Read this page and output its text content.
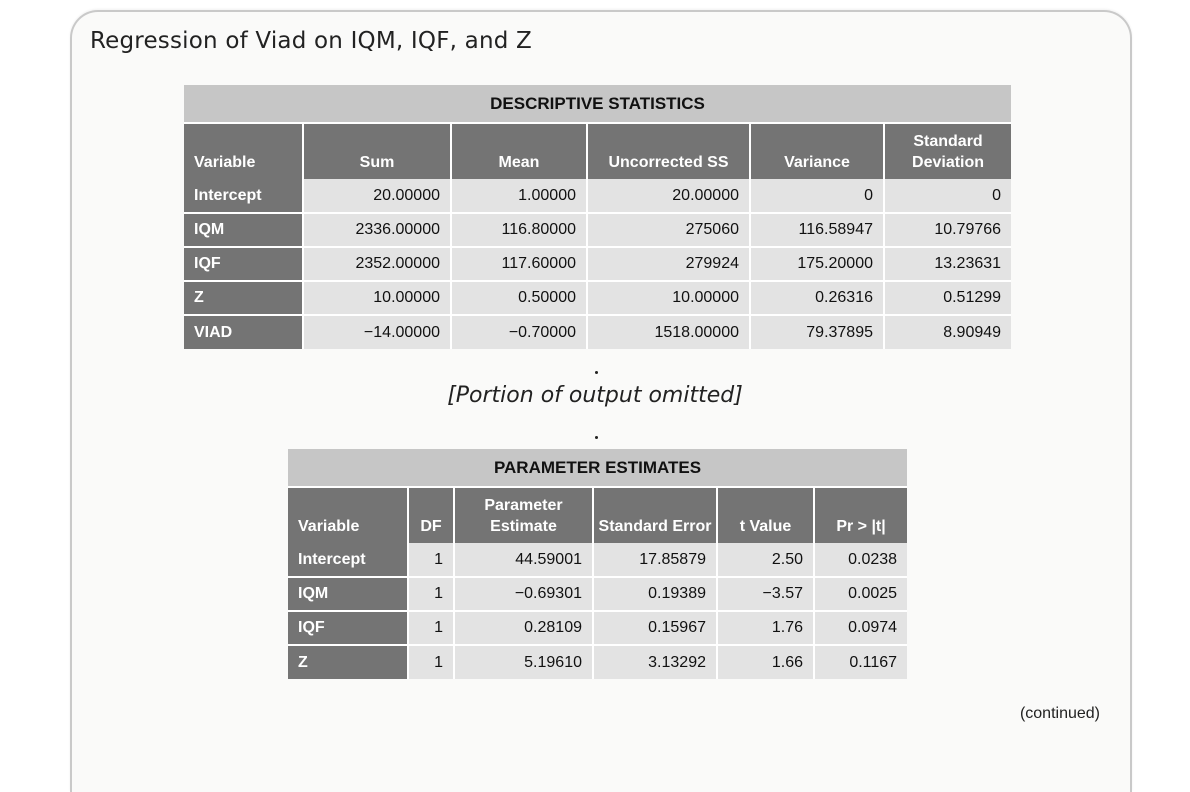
Regression of Viad on IQM, IQF, and Z
DESCRIPTIVE STATISTICS					
Variable	Sum	Mean	Uncorrected SS	Variance	Standard Deviation
Intercept	20.00000	1.00000	20.00000	0	0
IQM	2336.00000	116.80000	275060	116.58947	10.79766
IQF	2352.00000	117.60000	279924	175.20000	13.23631
Z	10.00000	0.50000	10.00000	0.26316	0.51299
VIAD	−14.00000	−0.70000	1518.00000	79.37895	8.90949
[Portion of output omitted]
PARAMETER ESTIMATES					
Variable	DF	Parameter Estimate	Standard Error	t Value	Pr > |t|
Intercept	1	44.59001	17.85879	2.50	0.0238
IQM	1	−0.69301	0.19389	−3.57	0.0025
IQF	1	0.28109	0.15967	1.76	0.0974
Z	1	5.19610	3.13292	1.66	0.1167
(continued)
